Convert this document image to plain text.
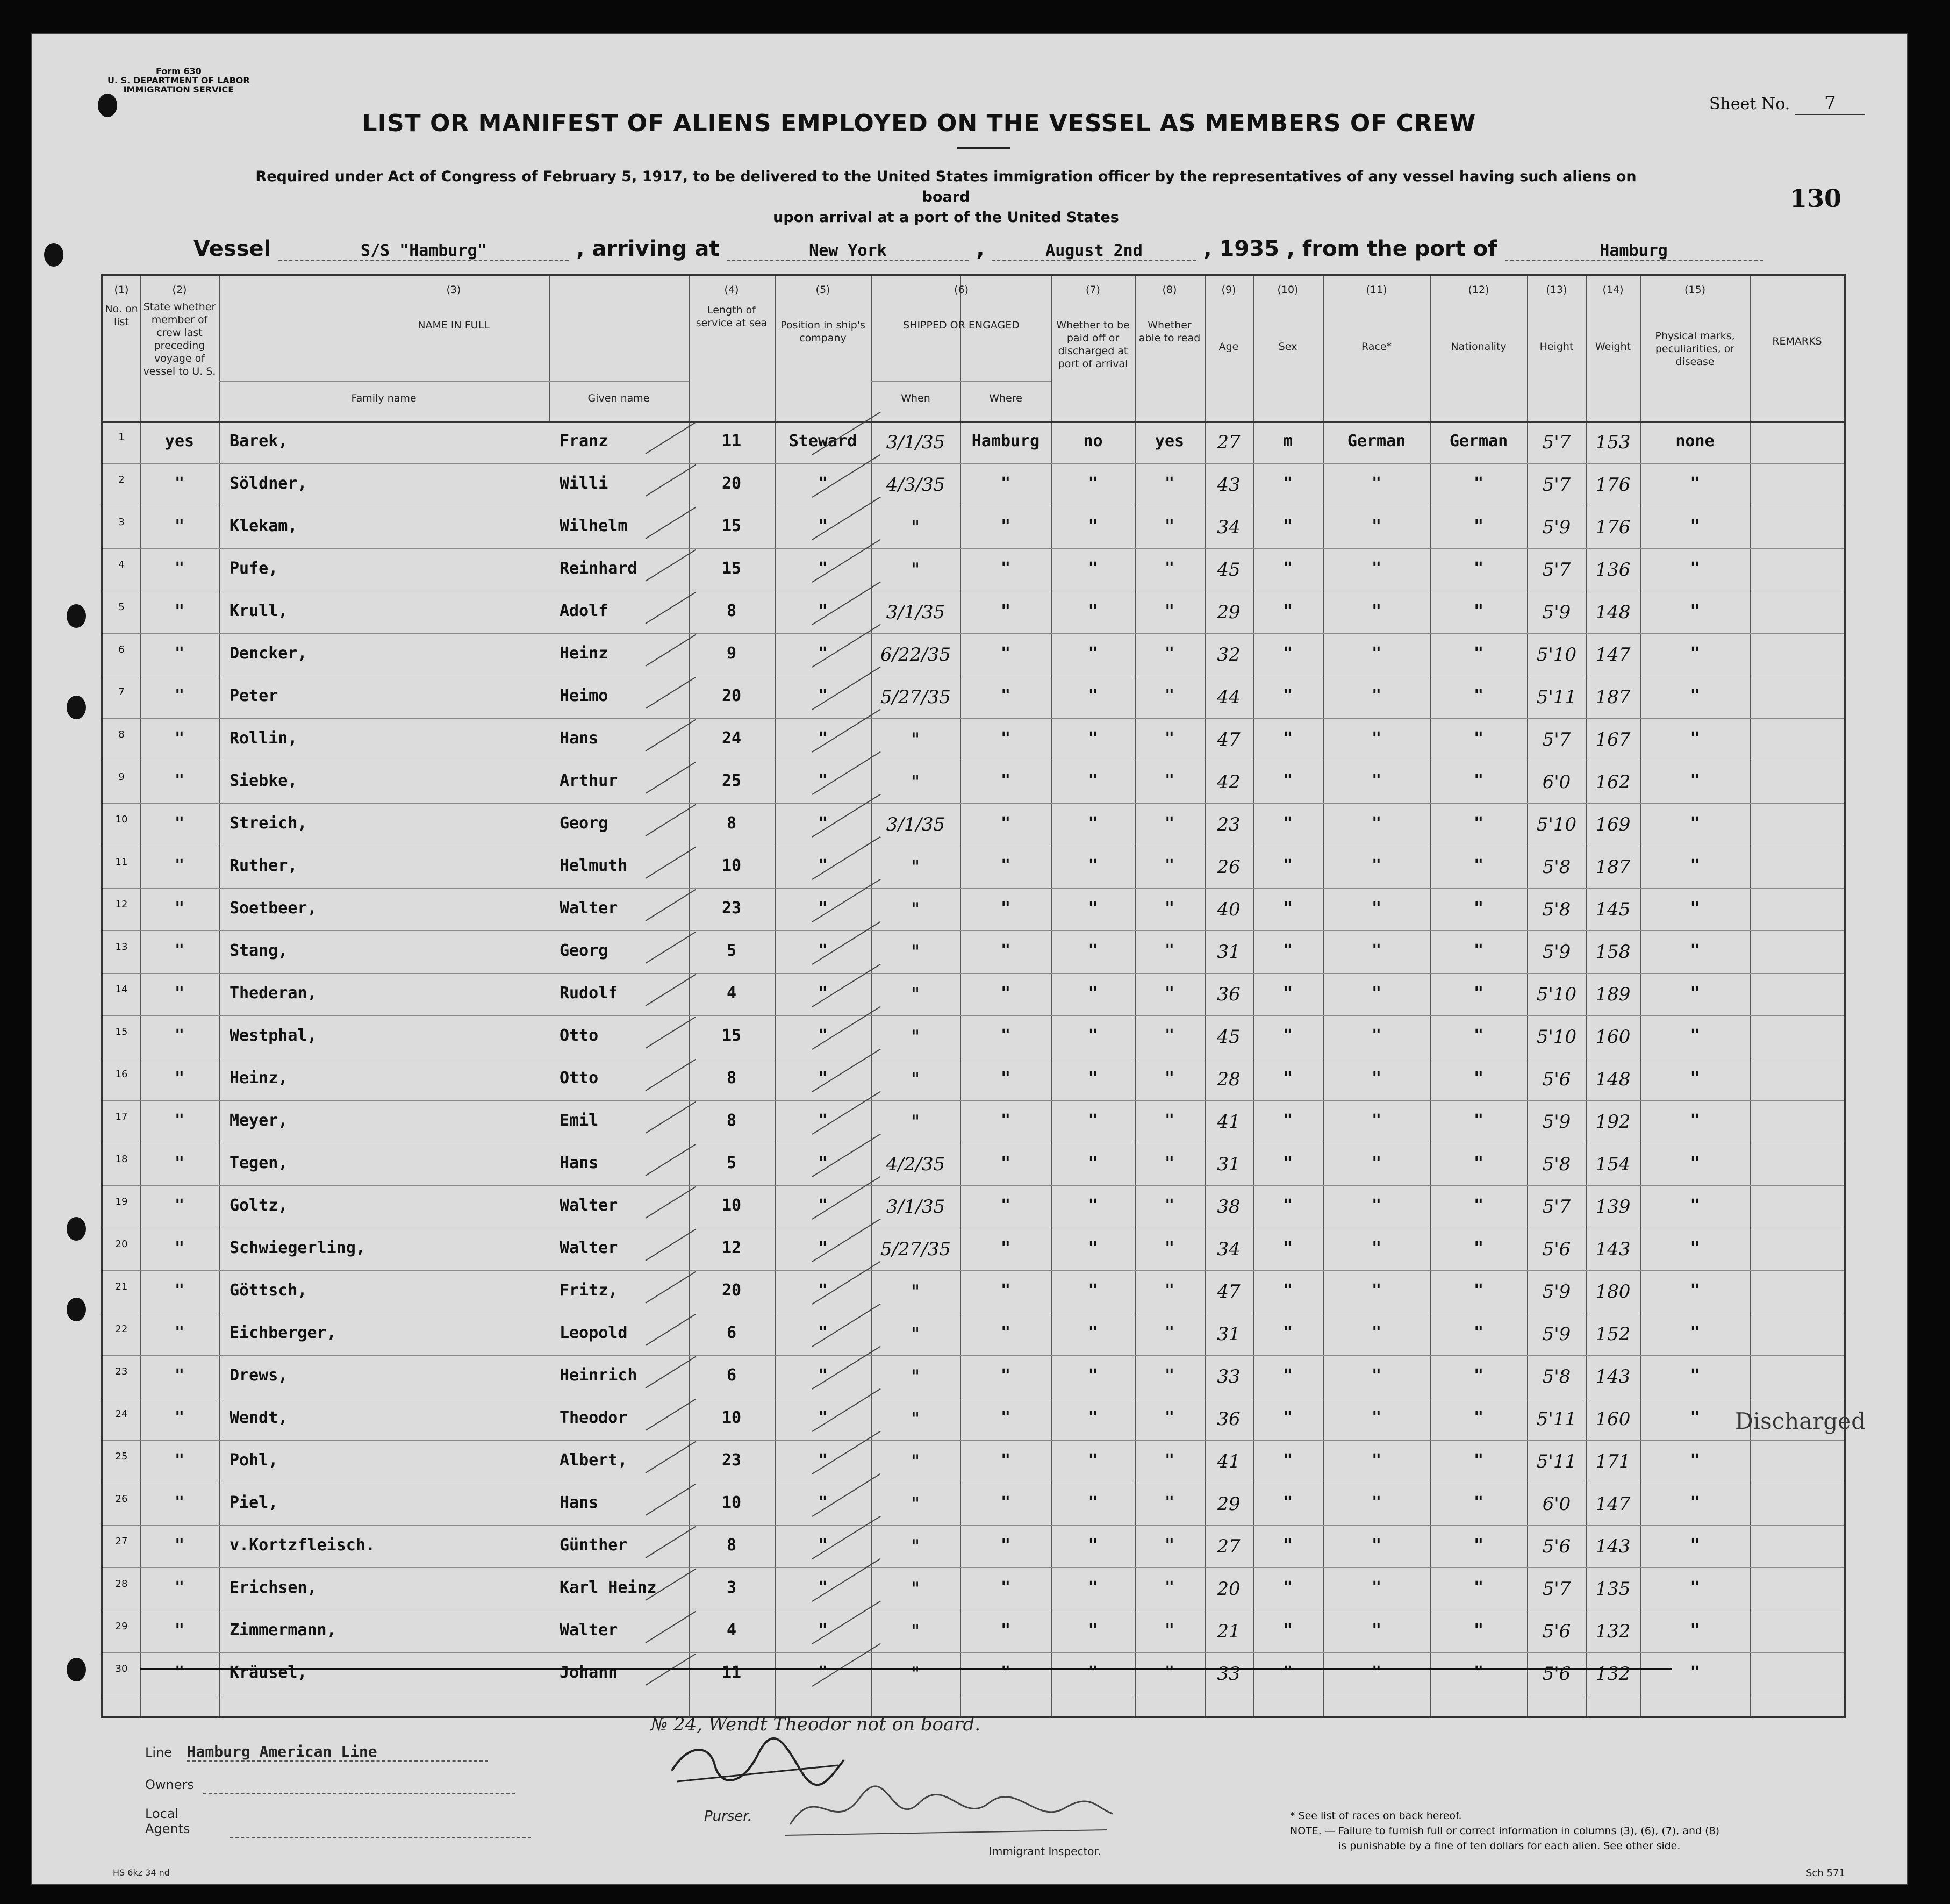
Form 630
U. S. DEPARTMENT OF LABOR
IMMIGRATION SERVICE
LIST OR MANIFEST OF ALIENS EMPLOYED ON THE VESSEL AS MEMBERS OF CREW
Sheet No. 7
130
Required under Act of Congress of February 5, 1917, to be delivered to the United States immigration officer by the representatives of any vessel having such aliens on board
upon arrival at a port of the United States
Vessel	S/S "Hamburg"	, arriving at	New York	,	August 2nd	, 1935 , from the port of	Hamburg
(1)
No. on list
(2)
State whether member of crew last preceding voyage of vessel to U. S.
(3)
NAME IN FULL
Family name	Given name
(4)
Length of service at sea
(5)
Position in ship's company
(6)
SHIPPED OR ENGAGED
When	Where
(7)
Whether to be paid off or discharged at port of arrival
(8)
Whether able to read
(9)
Age
(10)
Sex
(11)
Race*
(12)
Nationality
(13)
Height
(14)
Weight
(15)
Physical marks, peculiarities, or disease
REMARKS
1	yes	Barek,	Franz	11	Steward	3/1/35	Hamburg	no	yes	27	m	German	German	5'7	153	none
2	"	Söldner,	Willi	20	"	4/3/35	"	"	"	43	"	"	"	5'7	176	"
3	"	Klekam,	Wilhelm	15	"	"	"	"	"	34	"	"	"	5'9	176	"
4	"	Pufe,	Reinhard	15	"	"	"	"	"	45	"	"	"	5'7	136	"
5	"	Krull,	Adolf	8	"	3/1/35	"	"	"	29	"	"	"	5'9	148	"
6	"	Dencker,	Heinz	9	"	6/22/35	"	"	"	32	"	"	"	5'10	147	"
7	"	Peter	Heimo	20	"	5/27/35	"	"	"	44	"	"	"	5'11	187	"
8	"	Rollin,	Hans	24	"	"	"	"	"	47	"	"	"	5'7	167	"
9	"	Siebke,	Arthur	25	"	"	"	"	"	42	"	"	"	6'0	162	"
10	"	Streich,	Georg	8	"	3/1/35	"	"	"	23	"	"	"	5'10	169	"
11	"	Ruther,	Helmuth	10	"	"	"	"	"	26	"	"	"	5'8	187	"
12	"	Soetbeer,	Walter	23	"	"	"	"	"	40	"	"	"	5'8	145	"
13	"	Stang,	Georg	5	"	"	"	"	"	31	"	"	"	5'9	158	"
14	"	Thederan,	Rudolf	4	"	"	"	"	"	36	"	"	"	5'10	189	"
15	"	Westphal,	Otto	15	"	"	"	"	"	45	"	"	"	5'10	160	"
16	"	Heinz,	Otto	8	"	"	"	"	"	28	"	"	"	5'6	148	"
17	"	Meyer,	Emil	8	"	"	"	"	"	41	"	"	"	5'9	192	"
18	"	Tegen,	Hans	5	"	4/2/35	"	"	"	31	"	"	"	5'8	154	"
19	"	Goltz,	Walter	10	"	3/1/35	"	"	"	38	"	"	"	5'7	139	"
20	"	Schwiegerling,	Walter	12	"	5/27/35	"	"	"	34	"	"	"	5'6	143	"
21	"	Göttsch,	Fritz,	20	"	"	"	"	"	47	"	"	"	5'9	180	"
22	"	Eichberger,	Leopold	6	"	"	"	"	"	31	"	"	"	5'9	152	"
23	"	Drews,	Heinrich	6	"	"	"	"	"	33	"	"	"	5'8	143	"
24	"	Wendt,	Theodor	10	"	"	"	"	"	36	"	"	"	5'11	160	"
25	"	Pohl,	Albert,	23	"	"	"	"	"	41	"	"	"	5'11	171	"
26	"	Piel,	Hans	10	"	"	"	"	"	29	"	"	"	6'0	147	"
27	"	v.Kortzfleisch.	Günther	8	"	"	"	"	"	27	"	"	"	5'6	143	"
28	"	Erichsen,	Karl Heinz	3	"	"	"	"	"	20	"	"	"	5'7	135	"
29	"	Zimmermann,	Walter	4	"	"	"	"	"	21	"	"	"	5'6	132	"
30	"	Kräusel,	Johann	11	"	"	"	"	"	33	"	"	"	5'6	132	"
Discharged
№ 24, Wendt Theodor not on board.
Line Hamburg American Line
Owners
Local Agents
Purser.
Immigrant Inspector.
* See list of races on back hereof.
NOTE. — Failure to furnish full or correct information in columns (3), (6), (7), and (8)
is punishable by a fine of ten dollars for each alien. See other side.
HS 6kz 34 nd	Sch 571
